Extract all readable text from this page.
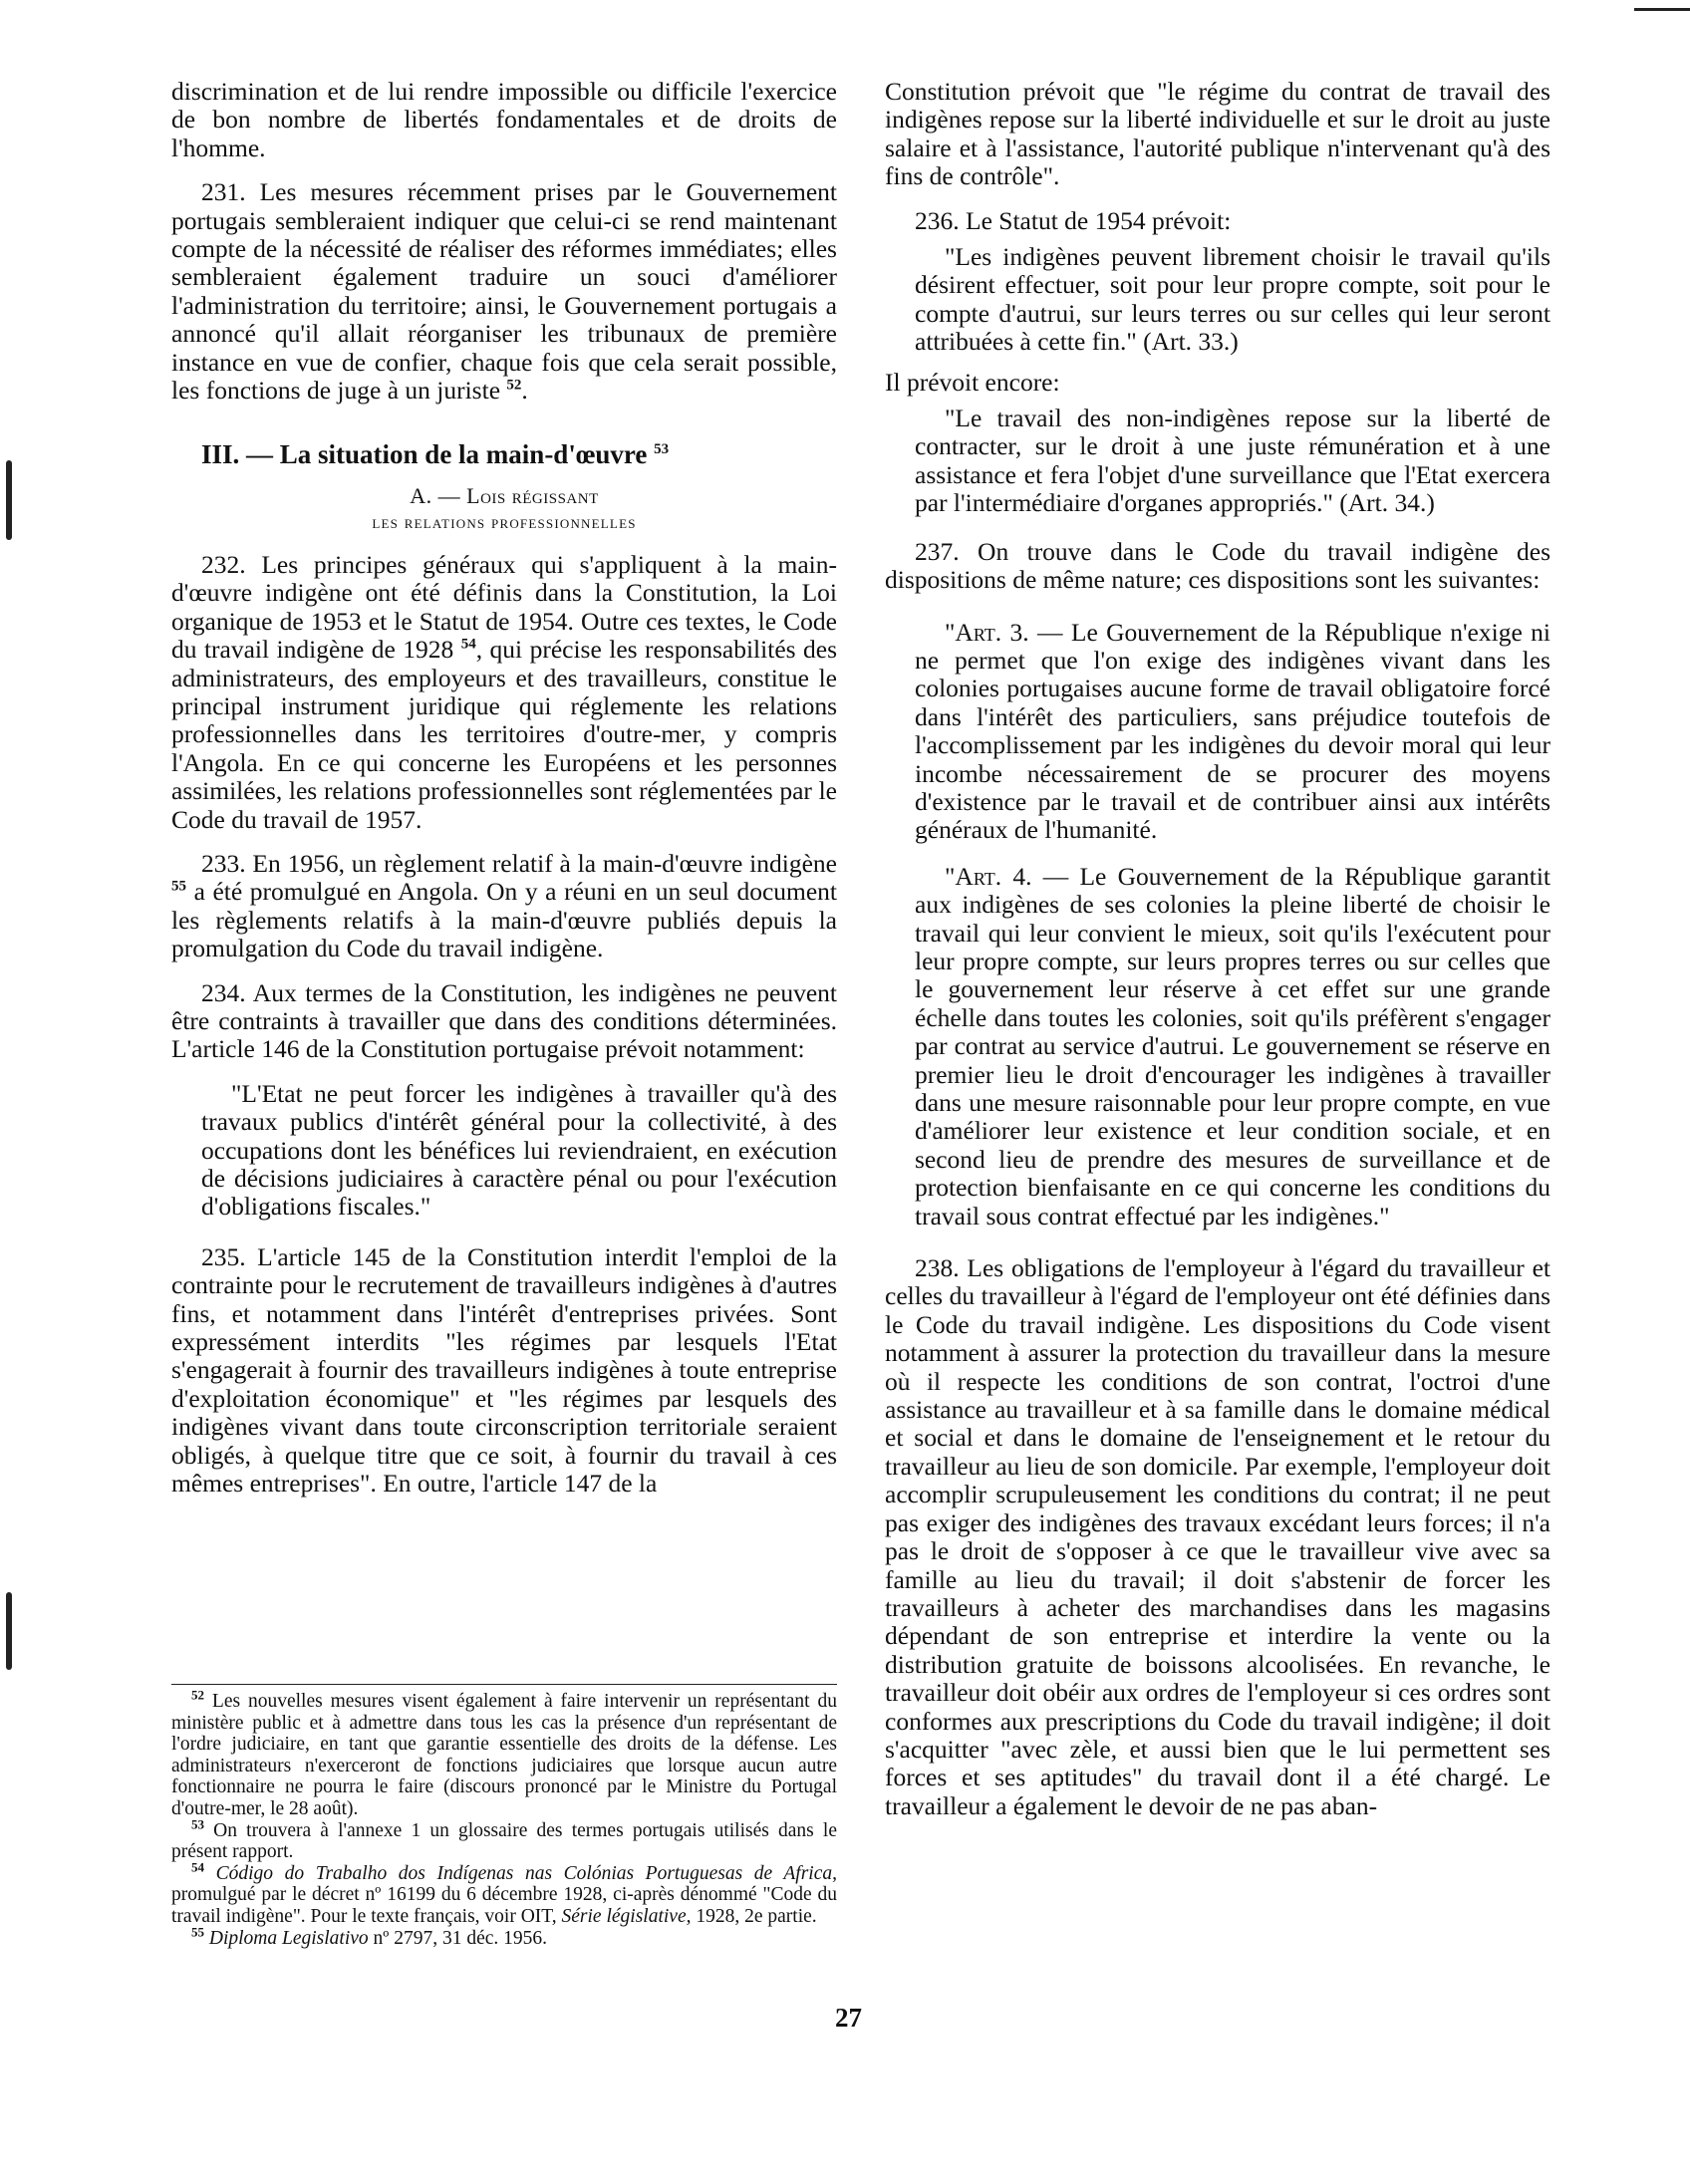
discrimination et de lui rendre impossible ou difficile l'exercice de bon nombre de libertés fondamentales et de droits de l'homme.

231. Les mesures récemment prises par le Gouvernement portugais sembleraient indiquer que celui-ci se rend maintenant compte de la nécessité de réaliser des réformes immédiates; elles sembleraient également traduire un souci d'améliorer l'administration du territoire; ainsi, le Gouvernement portugais a annoncé qu'il allait réorganiser les tribunaux de première instance en vue de confier, chaque fois que cela serait possible, les fonctions de juge à un juriste $^{52}$.

III. — La situation de la main-d'œuvre $^{53}$
A. — Lois régissant
les relations professionnelles

232. Les principes généraux qui s'appliquent à la main-d'œuvre indigène ont été définis dans la Constitution, la Loi organique de 1953 et le Statut de 1954. Outre ces textes, le Code du travail indigène de 1928 $^{54}$, qui précise les responsabilités des administrateurs, des employeurs et des travailleurs, constitue le principal instrument juridique qui réglemente les relations professionnelles dans les territoires d'outre-mer, y compris l'Angola. En ce qui concerne les Européens et les personnes assimilées, les relations professionnelles sont réglementées par le Code du travail de 1957.

233. En 1956, un règlement relatif à la main-d'œuvre indigène $^{55}$ a été promulgué en Angola. On y a réuni en un seul document les règlements relatifs à la main-d'œuvre publiés depuis la promulgation du Code du travail indigène.

234. Aux termes de la Constitution, les indigènes ne peuvent être contraints à travailler que dans des conditions déterminées. L'article 146 de la Constitution portugaise prévoit notamment:

"L'Etat ne peut forcer les indigènes à travailler qu'à des travaux publics d'intérêt général pour la collectivité, à des occupations dont les bénéfices lui reviendraient, en exécution de décisions judiciaires à caractère pénal ou pour l'exécution d'obligations fiscales."

235. L'article 145 de la Constitution interdit l'emploi de la contrainte pour le recrutement de travailleurs indigènes à d'autres fins, et notamment dans l'intérêt d'entreprises privées. Sont expressément interdits "les régimes par lesquels l'Etat s'engagerait à fournir des travailleurs indigènes à toute entreprise d'exploitation économique" et "les régimes par lesquels des indigènes vivant dans toute circonscription territoriale seraient obligés, à quelque titre que ce soit, à fournir du travail à ces mêmes entreprises". En outre, l'article 147 de la

$^{52}$ Les nouvelles mesures visent également à faire intervenir un représentant du ministère public et à admettre dans tous les cas la présence d'un représentant de l'ordre judiciaire, en tant que garantie essentielle des droits de la défense. Les administrateurs n'exerceront de fonctions judiciaires que lorsque aucun autre fonctionnaire ne pourra le faire (discours prononcé par le Ministre du Portugal d'outre-mer, le 28 août).

$^{53}$ On trouvera à l'annexe 1 un glossaire des termes portugais utilisés dans le présent rapport.

$^{54}$ Código do Trabalho dos Indígenas nas Colónias Portuguesas de Africa, promulgué par le décret nº 16199 du 6 décembre 1928, ci-après dénommé "Code du travail indigène". Pour le texte français, voir OIT, Série législative, 1928, 2e partie.

$^{55}$ Diploma Legislativo nº 2797, 31 déc. 1956.

Constitution prévoit que "le régime du contrat de travail des indigènes repose sur la liberté individuelle et sur le droit au juste salaire et à l'assistance, l'autorité publique n'intervenant qu'à des fins de contrôle".

236. Le Statut de 1954 prévoit:

"Les indigènes peuvent librement choisir le travail qu'ils désirent effectuer, soit pour leur propre compte, soit pour le compte d'autrui, sur leurs terres ou sur celles qui leur seront attribuées à cette fin." (Art. 33.)

Il prévoit encore:

"Le travail des non-indigènes repose sur la liberté de contracter, sur le droit à une juste rémunération et à une assistance et fera l'objet d'une surveillance que l'Etat exercera par l'intermédiaire d'organes appropriés." (Art. 34.)

237. On trouve dans le Code du travail indigène des dispositions de même nature; ces dispositions sont les suivantes:

"Art. 3. — Le Gouvernement de la République n'exige ni ne permet que l'on exige des indigènes vivant dans les colonies portugaises aucune forme de travail obligatoire forcé dans l'intérêt des particuliers, sans préjudice toutefois de l'accomplissement par les indigènes du devoir moral qui leur incombe nécessairement de se procurer des moyens d'existence par le travail et de contribuer ainsi aux intérêts généraux de l'humanité.

"Art. 4. — Le Gouvernement de la République garantit aux indigènes de ses colonies la pleine liberté de choisir le travail qui leur convient le mieux, soit qu'ils l'exécutent pour leur propre compte, sur leurs propres terres ou sur celles que le gouvernement leur réserve à cet effet sur une grande échelle dans toutes les colonies, soit qu'ils préfèrent s'engager par contrat au service d'autrui. Le gouvernement se réserve en premier lieu le droit d'encourager les indigènes à travailler dans une mesure raisonnable pour leur propre compte, en vue d'améliorer leur existence et leur condition sociale, et en second lieu de prendre des mesures de surveillance et de protection bienfaisante en ce qui concerne les conditions du travail sous contrat effectué par les indigènes."

238. Les obligations de l'employeur à l'égard du travailleur et celles du travailleur à l'égard de l'employeur ont été définies dans le Code du travail indigène. Les dispositions du Code visent notamment à assurer la protection du travailleur dans la mesure où il respecte les conditions de son contrat, l'octroi d'une assistance au travailleur et à sa famille dans le domaine médical et social et dans le domaine de l'enseignement et le retour du travailleur au lieu de son domicile. Par exemple, l'employeur doit accomplir scrupuleusement les conditions du contrat; il ne peut pas exiger des indigènes des travaux excédant leurs forces; il n'a pas le droit de s'opposer à ce que le travailleur vive avec sa famille au lieu du travail; il doit s'abstenir de forcer les travailleurs à acheter des marchandises dans les magasins dépendant de son entreprise et interdire la vente ou la distribution gratuite de boissons alcoolisées. En revanche, le travailleur doit obéir aux ordres de l'employeur si ces ordres sont conformes aux prescriptions du Code du travail indigène; il doit s'acquitter "avec zèle, et aussi bien que le lui permettent ses forces et ses aptitudes" du travail dont il a été chargé. Le travailleur a également le devoir de ne pas aban-

27
